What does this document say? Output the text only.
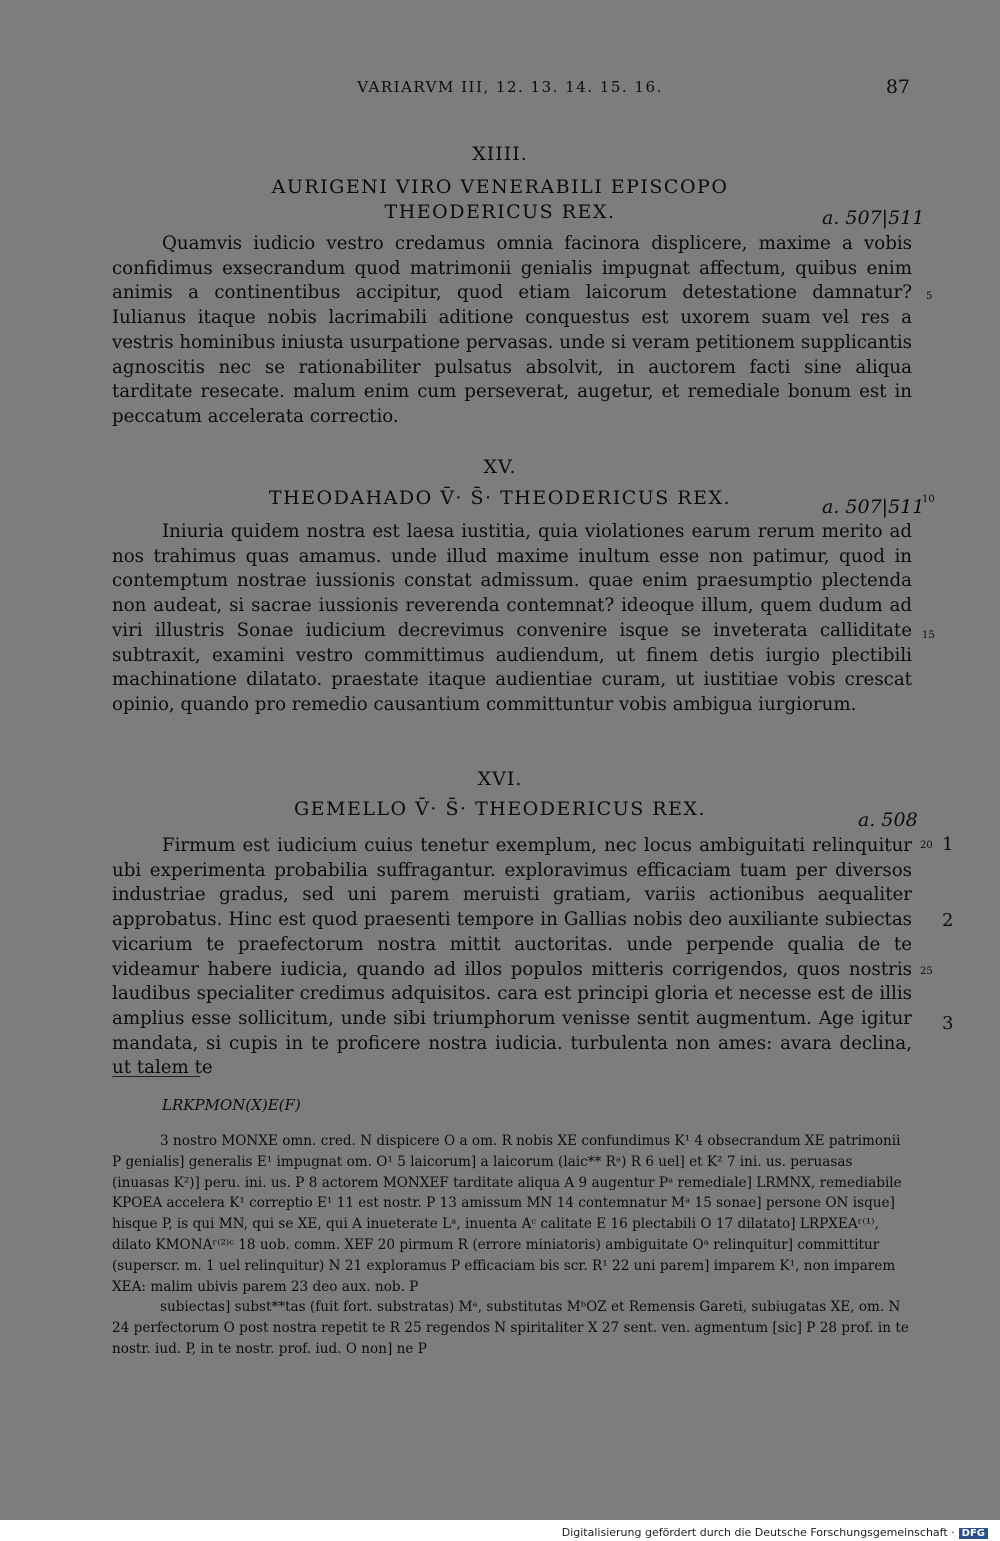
VARIARVM III, 12. 13. 14. 15. 16.	87
XIIII.
AURIGENI VIRO VENERABILI EPISCOPO
THEODERICUS REX.	a. 507|511

Quamvis iudicio vestro credamus omnia facinora displicere, maxime a vobis confidimus exsecrandum quod matrimonii genialis impugnat affectum, quibus enim animis a continentibus accipitur, quod etiam laicorum detestatione damnatur? Iulianus itaque nobis lacrimabili aditione conquestus est uxorem suam vel res a vestris hominibus iniusta usurpatione pervasas. unde si veram petitionem supplicantis agnoscitis nec se rationabiliter pulsatus absolvit, in auctorem facti sine aliqua tarditate resecate. malum enim cum perseverat, augetur, et remediale bonum est in peccatum accelerata correctio.

XV.
THEODAHADO V̄· S̄· THEODERICUS REX.	a. 507|511

Iniuria quidem nostra est laesa iustitia, quia violationes earum rerum merito ad nos trahimus quas amamus. unde illud maxime inultum esse non patimur, quod in contemptum nostrae iussionis constat admissum. quae enim praesumptio plectenda non audeat, si sacrae iussionis reverenda contemnat? ideoque illum, quem dudum ad viri illustris Sonae iudicium decrevimus convenire isque se inveterata calliditate subtraxit, examini vestro committimus audiendum, ut finem detis iurgio plectibili machinatione dilatato. praestate itaque audientiae curam, ut iustitiae vobis crescat opinio, quando pro remedio causantium committuntur vobis ambigua iurgiorum.

XVI.
GEMELLO V̄· S̄· THEODERICUS REX.	a. 508

Firmum est iudicium cuius tenetur exemplum, nec locus ambiguitati relinquitur ubi experimenta probabilia suffragantur. exploravimus efficaciam tuam per diversos industriae gradus, sed uni parem meruisti gratiam, variis actionibus aequaliter approbatus. Hinc est quod praesenti tempore in Gallias nobis deo auxiliante subiectas vicarium te praefectorum nostra mittit auctoritas. unde perpende qualia de te videamur habere iudicia, quando ad illos populos mitteris corrigendos, quos nostris laudibus specialiter credimus adquisitos. cara est principi gloria et necesse est de illis amplius esse sollicitum, unde sibi triumphorum venisse sentit augmentum. Age igitur mandata, si cupis in te proficere nostra iudicia. turbulenta non ames: avara declina, ut talem te

5
10
15
20
25
1
2
3
LRKPMON(X)E(F)

3 nostro MONXE omn. cred. N dispicere O a om. R nobis XE confundimus K¹ 4 obsecrandum XE patrimonii P genialis] generalis E¹ impugnat om. O¹ 5 laicorum] a laicorum (laic** Rᵃ) R 6 uel] et K² 7 ini. us. peruasas (inuasas K²)] peru. ini. us. P 8 actorem MONXEF tarditate aliqua A 9 augentur Pᵃ remediale] LRMNX, remediabile KPOEA accelera K¹ correptio E¹ 11 est nostr. P 13 amissum MN 14 contemnatur Mᵃ 15 sonae] persone ON isque] hisque P, is qui MN, qui se XE, qui A inueterate Lᵃ, inuenta Aᶜ calitate E 16 plectabili O 17 dilatato] LRPXEAʳ⁽¹⁾, dilato KMONAʳ⁽²⁾ᶜ 18 uob. comm. XEF 20 pirmum R (errore miniatoris) ambiguitate Oᵃ relinquitur] committitur (superscr. m. 1 uel relinquitur) N 21 exploramus P efficaciam bis scr. R¹ 22 uni parem] imparem K¹, non imparem XEA: malim ubivis parem 23 deo aux. nob. P

subiectas] subst**tas (fuit fort. substratas) Mᵃ, substitutas MᵇOZ et Remensis Gareti, subiugatas XE, om. N 24 perfectorum O post nostra repetit te R 25 regendos N spiritaliter X 27 sent. ven. agmentum [sic] P 28 prof. in te nostr. iud. P, in te nostr. prof. iud. O non] ne P

Digitalisierung gefördert durch die Deutsche Forschungsgemeinschaft · DFG
